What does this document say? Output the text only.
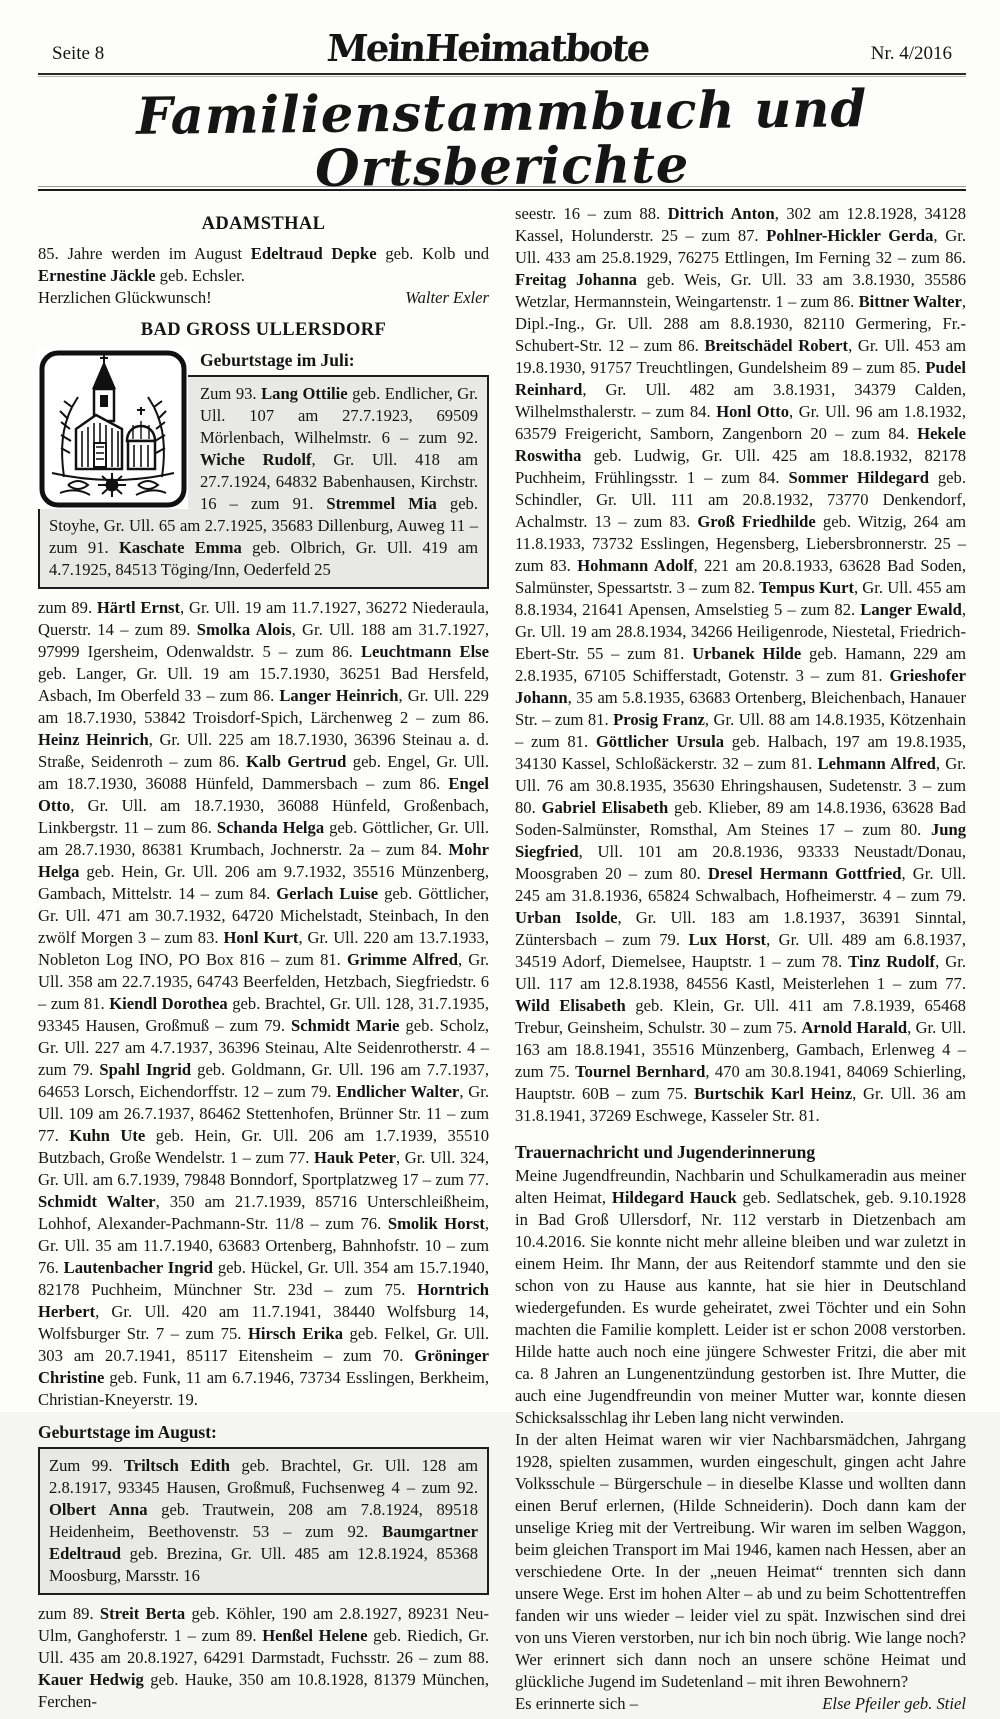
Seite 8	MeinHeimatbote	Nr. 4/2016
Familienstammbuch und Ortsberichte
ADAMSTHAL

85. Jahre werden im August Edeltraud Depke geb. Kolb und Ernestine Jäckle geb. Echsler.

Herzlichen Glückwunsch!	Walter Exler
BAD GROSS ULLERSDORF

Geburtstage im Juli:

Zum 93. Lang Ottilie geb. Endlicher, Gr. Ull. 107 am 27.7.1923, 69509 Mörlenbach, Wilhelmstr. 6 – zum 92. Wiche Rudolf, Gr. Ull. 418 am 27.7.1924, 64832 Babenhausen, Kirchstr. 16 – zum 91. Stremmel Mia geb. Stoyhe, Gr. Ull. 65 am 2.7.1925, 35683 Dillenburg, Auweg 11 – zum 91. Kaschate Emma geb. Olbrich, Gr. Ull. 419 am 4.7.1925, 84513 Töging/Inn, Oederfeld 25

zum 89. Härtl Ernst, Gr. Ull. 19 am 11.7.1927, 36272 Niederaula, Querstr. 14 – zum 89. Smolka Alois, Gr. Ull. 188 am 31.7.1927, 97999 Igersheim, Odenwaldstr. 5 – zum 86. Leuchtmann Else geb. Langer, Gr. Ull. 19 am 15.7.1930, 36251 Bad Hersfeld, Asbach, Im Oberfeld 33 – zum 86. Langer Heinrich, Gr. Ull. 229 am 18.7.1930, 53842 Troisdorf-Spich, Lärchenweg 2 – zum 86. Heinz Heinrich, Gr. Ull. 225 am 18.7.1930, 36396 Steinau a. d. Straße, Seidenroth – zum 86. Kalb Gertrud geb. Engel, Gr. Ull. am 18.7.1930, 36088 Hünfeld, Dammersbach – zum 86. Engel Otto, Gr. Ull. am 18.7.1930, 36088 Hünfeld, Großenbach, Linkbergstr. 11 – zum 86. Schanda Helga geb. Göttlicher, Gr. Ull. am 28.7.1930, 86381 Krumbach, Jochnerstr. 2a – zum 84. Mohr Helga geb. Hein, Gr. Ull. 206 am 9.7.1932, 35516 Münzenberg, Gambach, Mittelstr. 14 – zum 84. Gerlach Luise geb. Göttlicher, Gr. Ull. 471 am 30.7.1932, 64720 Michelstadt, Steinbach, In den zwölf Morgen 3 – zum 83. Honl Kurt, Gr. Ull. 220 am 13.7.1933, Nobleton Log INO, PO Box 816 – zum 81. Grimme Alfred, Gr. Ull. 358 am 22.7.1935, 64743 Beerfelden, Hetzbach, Siegfriedstr. 6 – zum 81. Kiendl Dorothea geb. Brachtel, Gr. Ull. 128, 31.7.1935, 93345 Hausen, Großmuß – zum 79. Schmidt Marie geb. Scholz, Gr. Ull. 227 am 4.7.1937, 36396 Steinau, Alte Seidenrotherstr. 4 – zum 79. Spahl Ingrid geb. Goldmann, Gr. Ull. 196 am 7.7.1937, 64653 Lorsch, Eichendorffstr. 12 – zum 79. Endlicher Walter, Gr. Ull. 109 am 26.7.1937, 86462 Stettenhofen, Brünner Str. 11 – zum 77. Kuhn Ute geb. Hein, Gr. Ull. 206 am 1.7.1939, 35510 Butzbach, Große Wendelstr. 1 – zum 77. Hauk Peter, Gr. Ull. 324, Gr. Ull. am 6.7.1939, 79848 Bonndorf, Sportplatzweg 17 – zum 77. Schmidt Walter, 350 am 21.7.1939, 85716 Unterschleißheim, Lohhof, Alexander-Pachmann-Str. 11/8 – zum 76. Smolik Horst, Gr. Ull. 35 am 11.7.1940, 63683 Ortenberg, Bahnhofstr. 10 – zum 76. Lautenbacher Ingrid geb. Hückel, Gr. Ull. 354 am 15.7.1940, 82178 Puchheim, Münchner Str. 23d – zum 75. Horntrich Herbert, Gr. Ull. 420 am 11.7.1941, 38440 Wolfsburg 14, Wolfsburger Str. 7 – zum 75. Hirsch Erika geb. Felkel, Gr. Ull. 303 am 20.7.1941, 85117 Eitensheim – zum 70. Gröninger Christine geb. Funk, 11 am 6.7.1946, 73734 Esslingen, Berkheim, Christian-Kneyerstr. 19.

Geburtstage im August:

Zum 99. Triltsch Edith geb. Brachtel, Gr. Ull. 128 am 2.8.1917, 93345 Hausen, Großmuß, Fuchsenweg 4 – zum 92. Olbert Anna geb. Trautwein, 208 am 7.8.1924, 89518 Heidenheim, Beethovenstr. 53 – zum 92. Baumgartner Edeltraud geb. Brezina, Gr. Ull. 485 am 12.8.1924, 85368 Moosburg, Marsstr. 16

zum 89. Streit Berta geb. Köhler, 190 am 2.8.1927, 89231 Neu-Ulm, Ganghoferstr. 1 – zum 89. Henßel Helene geb. Riedich, Gr. Ull. 435 am 20.8.1927, 64291 Darmstadt, Fuchsstr. 26 – zum 88. Kauer Hedwig geb. Hauke, 350 am 10.8.1928, 81379 München, Ferchen-

seestr. 16 – zum 88. Dittrich Anton, 302 am 12.8.1928, 34128 Kassel, Holunderstr. 25 – zum 87. Pohlner-Hickler Gerda, Gr. Ull. 433 am 25.8.1929, 76275 Ettlingen, Im Ferning 32 – zum 86. Freitag Johanna geb. Weis, Gr. Ull. 33 am 3.8.1930, 35586 Wetzlar, Hermannstein, Weingartenstr. 1 – zum 86. Bittner Walter, Dipl.-Ing., Gr. Ull. 288 am 8.8.1930, 82110 Germering, Fr.-Schubert-Str. 12 – zum 86. Breitschädel Robert, Gr. Ull. 453 am 19.8.1930, 91757 Treuchtlingen, Gundelsheim 89 – zum 85. Pudel Reinhard, Gr. Ull. 482 am 3.8.1931, 34379 Calden, Wilhelmsthalerstr. – zum 84. Honl Otto, Gr. Ull. 96 am 1.8.1932, 63579 Freigericht, Samborn, Zangenborn 20 – zum 84. Hekele Roswitha geb. Ludwig, Gr. Ull. 425 am 18.8.1932, 82178 Puchheim, Frühlingsstr. 1 – zum 84. Sommer Hildegard geb. Schindler, Gr. Ull. 111 am 20.8.1932, 73770 Denkendorf, Achalmstr. 13 – zum 83. Groß Friedhilde geb. Witzig, 264 am 11.8.1933, 73732 Esslingen, Hegensberg, Liebersbronnerstr. 25 – zum 83. Hohmann Adolf, 221 am 20.8.1933, 63628 Bad Soden, Salmünster, Spessartstr. 3 – zum 82. Tempus Kurt, Gr. Ull. 455 am 8.8.1934, 21641 Apensen, Amselstieg 5 – zum 82. Langer Ewald, Gr. Ull. 19 am 28.8.1934, 34266 Heiligenrode, Niestetal, Friedrich-Ebert-Str. 55 – zum 81. Urbanek Hilde geb. Hamann, 229 am 2.8.1935, 67105 Schifferstadt, Gotenstr. 3 – zum 81. Grieshofer Johann, 35 am 5.8.1935, 63683 Ortenberg, Bleichenbach, Hanauer Str. – zum 81. Prosig Franz, Gr. Ull. 88 am 14.8.1935, Kötzenhain – zum 81. Göttlicher Ursula geb. Halbach, 197 am 19.8.1935, 34130 Kassel, Schloßäckerstr. 32 – zum 81. Lehmann Alfred, Gr. Ull. 76 am 30.8.1935, 35630 Ehringshausen, Sudetenstr. 3 – zum 80. Gabriel Elisabeth geb. Klieber, 89 am 14.8.1936, 63628 Bad Soden-Salmünster, Romsthal, Am Steines 17 – zum 80. Jung Siegfried, Ull. 101 am 20.8.1936, 93333 Neustadt/Donau, Moosgraben 20 – zum 80. Dresel Hermann Gottfried, Gr. Ull. 245 am 31.8.1936, 65824 Schwalbach, Hofheimerstr. 4 – zum 79. Urban Isolde, Gr. Ull. 183 am 1.8.1937, 36391 Sinntal, Züntersbach – zum 79. Lux Horst, Gr. Ull. 489 am 6.8.1937, 34519 Adorf, Diemelsee, Hauptstr. 1 – zum 78. Tinz Rudolf, Gr. Ull. 117 am 12.8.1938, 84556 Kastl, Meisterlehen 1 – zum 77. Wild Elisabeth geb. Klein, Gr. Ull. 411 am 7.8.1939, 65468 Trebur, Geinsheim, Schulstr. 30 – zum 75. Arnold Harald, Gr. Ull. 163 am 18.8.1941, 35516 Münzenberg, Gambach, Erlenweg 4 – zum 75. Tournel Bernhard, 470 am 30.8.1941, 84069 Schierling, Hauptstr. 60B – zum 75. Burtschik Karl Heinz, Gr. Ull. 36 am 31.8.1941, 37269 Eschwege, Kasseler Str. 81.

Trauernachricht und Jugenderinnerung

Meine Jugendfreundin, Nachbarin und Schulkameradin aus meiner alten Heimat, Hildegard Hauck geb. Sedlatschek, geb. 9.10.1928 in Bad Groß Ullersdorf, Nr. 112 verstarb in Dietzenbach am 10.4.2016. Sie konnte nicht mehr alleine bleiben und war zuletzt in einem Heim. Ihr Mann, der aus Reitendorf stammte und den sie schon von zu Hause aus kannte, hat sie hier in Deutschland wiedergefunden. Es wurde geheiratet, zwei Töchter und ein Sohn machten die Familie komplett. Leider ist er schon 2008 verstorben. Hilde hatte auch noch eine jüngere Schwester Fritzi, die aber mit ca. 8 Jahren an Lungenentzündung gestorben ist. Ihre Mutter, die auch eine Jugendfreundin von meiner Mutter war, konnte diesen Schicksalsschlag ihr Leben lang nicht verwinden.

In der alten Heimat waren wir vier Nachbarsmädchen, Jahrgang 1928, spielten zusammen, wurden eingeschult, gingen acht Jahre Volksschule – Bürgerschule – in dieselbe Klasse und wollten dann einen Beruf erlernen, (Hilde Schneiderin). Doch dann kam der unselige Krieg mit der Vertreibung. Wir waren im selben Waggon, beim gleichen Transport im Mai 1946, kamen nach Hessen, aber an verschiedene Orte. In der „neuen Heimat“ trennten sich dann unsere Wege. Erst im hohen Alter – ab und zu beim Schottentreffen fanden wir uns wieder – leider viel zu spät. Inzwischen sind drei von uns Vieren verstorben, nur ich bin noch übrig. Wie lange noch? Wer erinnert sich dann noch an unsere schöne Heimat und glückliche Jugend im Sudetenland – mit ihren Bewohnern?

Es erinnerte sich –	Else Pfeiler geb. Stiel
